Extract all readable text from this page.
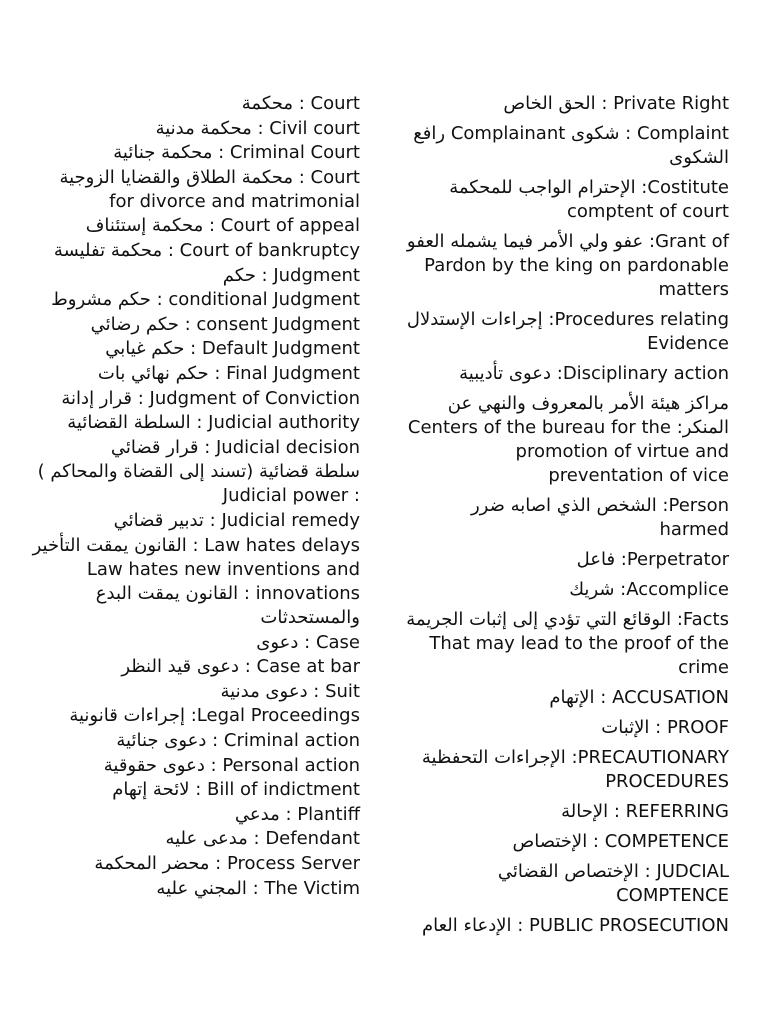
Court : محكمة
Civil court : محكمة مدنية
Criminal Court : محكمة جنائية
Court : محكمة الطلاق والقضايا الزوجية for divorce and matrimonial
Court of appeal : محكمة إستئناف
Court of bankruptcy : محكمة تفليسة
Judgment : حكم
conditional Judgment : حكم مشروط
consent Judgment : حكم رضائي
Default Judgment : حكم غيابي
Final Judgment : حكم نهائي بات
Judgment of Conviction : قرار إدانة
Judicial authority : السلطة القضائية
Judicial decision : قرار قضائي
سلطة قضائية (تسند إلى القضاة والمحاكم ) : Judicial power
Judicial remedy : تدبير قضائي
Law hates delays : القانون يمقت التأخير
Law hates new inventions and innovations : القانون يمقت البدع والمستحدثات
Case : دعوى
Case at bar : دعوى قيد النظر
Suit : دعوى مدنية
Legal Proceedings: إجراءات قانونية
Criminal action : دعوى جنائية
Personal action : دعوى حقوقية
Bill of indictment : لائحة إتهام
Plantiff : مدعي
Defendant : مدعى عليه
Process Server : محضر المحكمة
The Victim : المجني عليه
Private Right : الحق الخاص
Complaint : شكوى Complainant رافع الشكوى
Costitute: الإحترام الواجب للمحكمة comptent of court
Grant of: عفو ولي الأمر فيما يشمله العفو Pardon by the king on pardonable matters
Procedures relating: إجراءات الإستدلال Evidence
Disciplinary action: دعوى تأديبية
مراكز هيئة الأمر بالمعروف والنهي عن المنكر: Centers of the bureau for the promotion of virtue and preventation of vice
Person: الشخص الذي اصابه ضرر harmed
Perpetrator: فاعل
Accomplice: شريك
Facts: الوقائع التي تؤدي إلى إثبات الجريمة That may lead to the proof of the crime
ACCUSATION : الإتهام
PROOF : الإثبات
PRECAUTIONARY: الإجراءات التحفظية PROCEDURES
REFERRING : الإحالة
COMPETENCE : الإختصاص
JUDCIAL : الإختصاص القضائي COMPTENCE
PUBLIC PROSECUTION : الإدعاء العام
